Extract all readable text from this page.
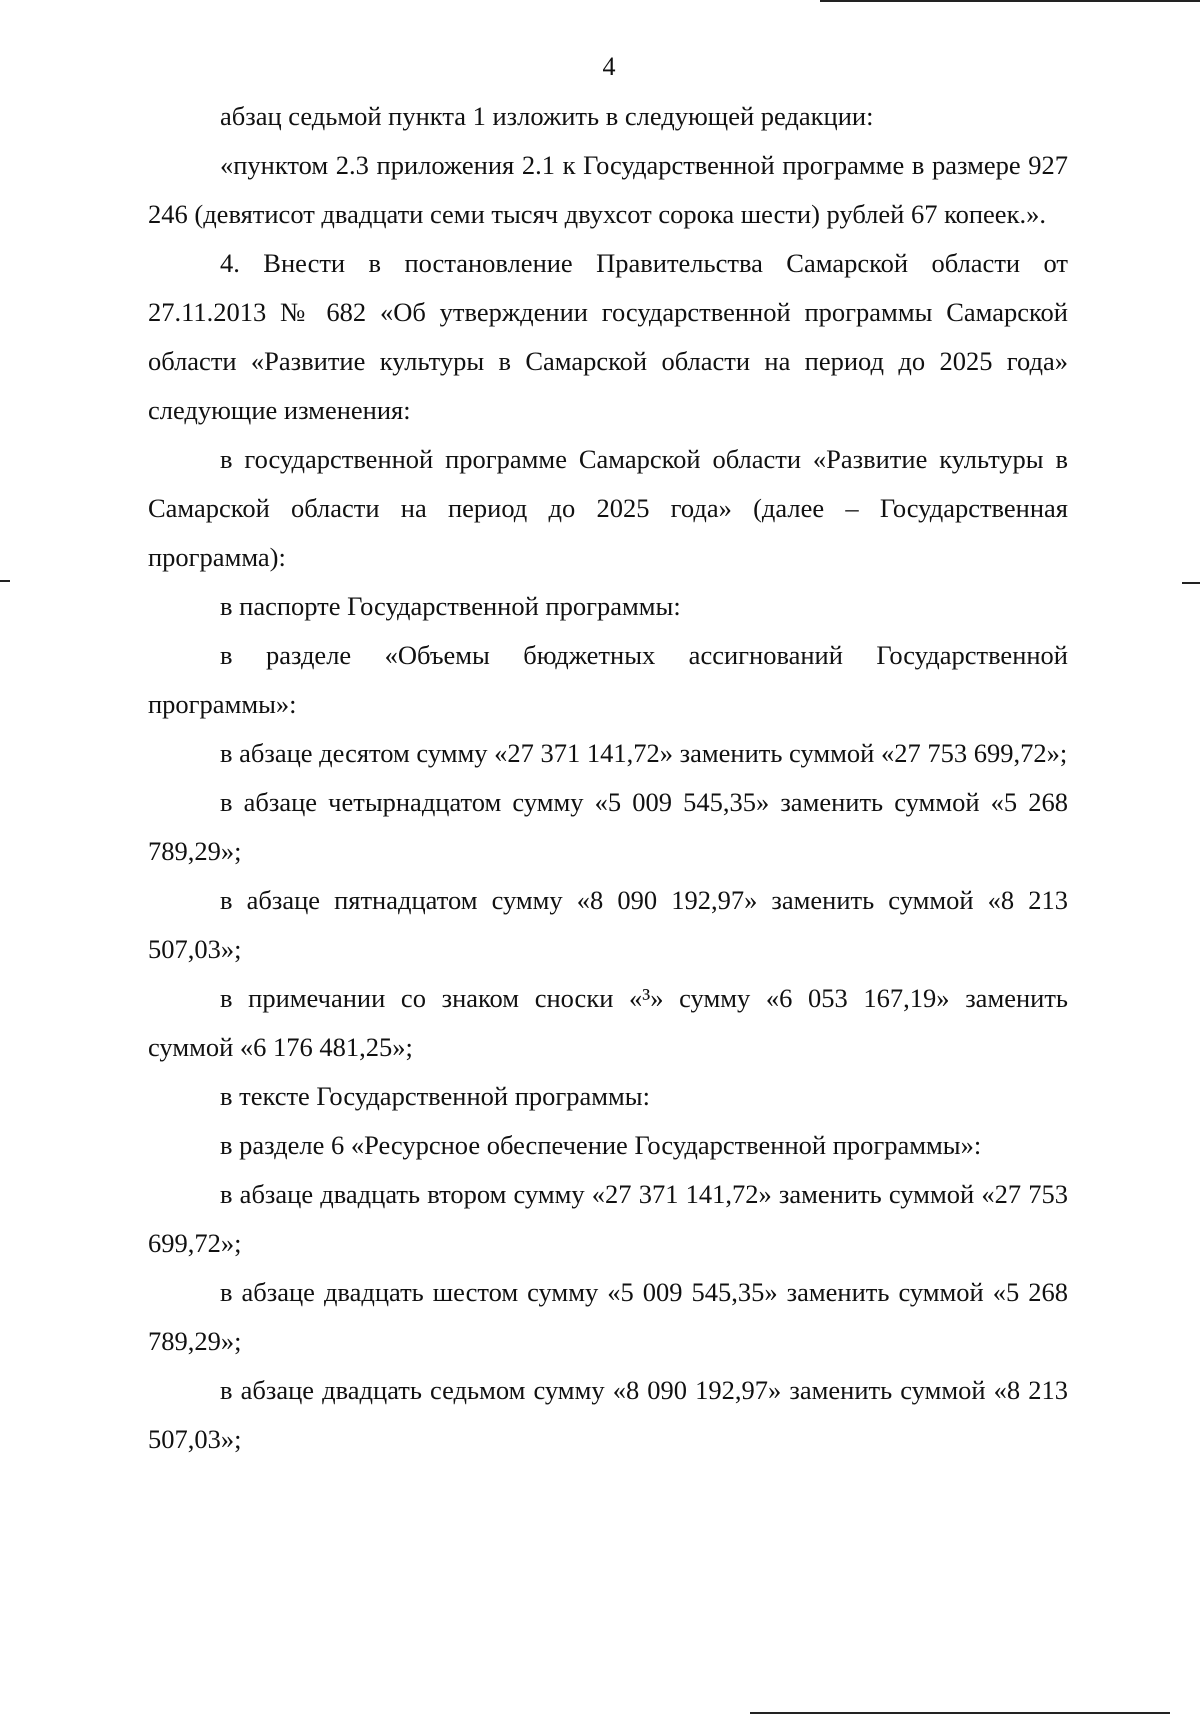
4

абзац седьмой пункта 1 изложить в следующей редакции:

«пунктом 2.3 приложения 2.1 к Государственной программе в размере 927 246 (девятисот двадцати семи тысяч двухсот сорока шести) рублей 67 копеек.».

4. Внести в постановление Правительства Самарской области от 27.11.2013 № 682 «Об утверждении государственной программы Самарской области «Развитие культуры в Самарской области на период до 2025 года» следующие изменения:

в государственной программе Самарской области «Развитие культуры в Самарской области на период до 2025 года» (далее – Государственная программа):

в паспорте Государственной программы:

в разделе «Объемы бюджетных ассигнований Государственной программы»:

в абзаце десятом сумму «27 371 141,72» заменить суммой «27 753 699,72»;

в абзаце четырнадцатом сумму «5 009 545,35» заменить суммой «5 268 789,29»;

в абзаце пятнадцатом сумму «8 090 192,97» заменить суммой «8 213 507,03»;

в примечании со знаком сноски «³» сумму «6 053 167,19» заменить суммой «6 176 481,25»;

в тексте Государственной программы:

в разделе 6 «Ресурсное обеспечение Государственной программы»:

в абзаце двадцать втором сумму «27 371 141,72» заменить суммой «27 753 699,72»;

в абзаце двадцать шестом сумму «5 009 545,35» заменить суммой «5 268 789,29»;

в абзаце двадцать седьмом сумму «8 090 192,97» заменить суммой «8 213 507,03»;
